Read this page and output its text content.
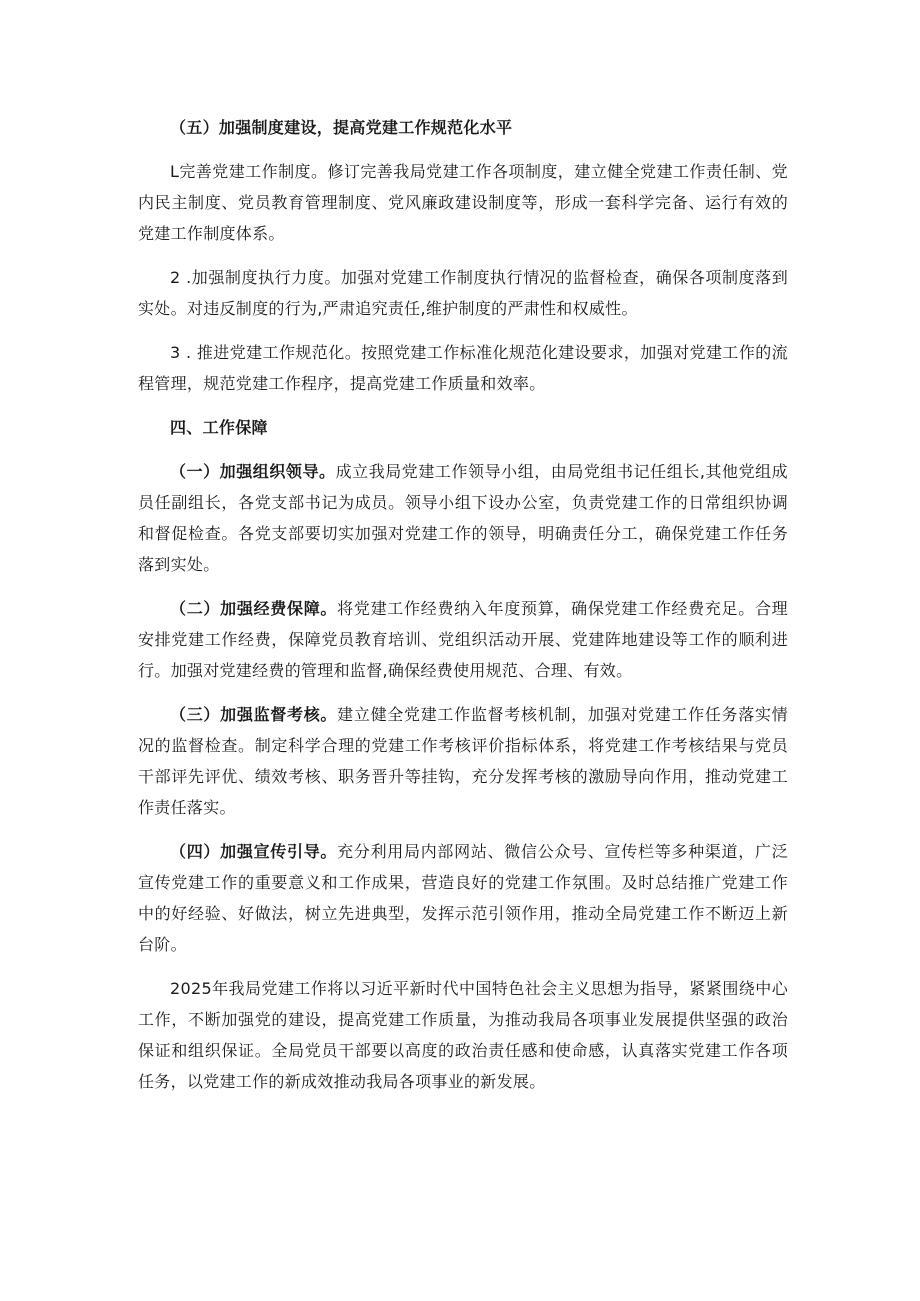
（五）加强制度建设，提高党建工作规范化水平

L完善党建工作制度。修订完善我局党建工作各项制度，建立健全党建工作责任制、党内民主制度、党员教育管理制度、党风廉政建设制度等，形成一套科学完备、运行有效的党建工作制度体系。

2 .加强制度执行力度。加强对党建工作制度执行情况的监督检查，确保各项制度落到实处。对违反制度的行为,严肃追究责任,维护制度的严肃性和权威性。

3 . 推进党建工作规范化。按照党建工作标准化规范化建设要求，加强对党建工作的流程管理，规范党建工作程序，提高党建工作质量和效率。

四、工作保障

（一）加强组织领导。成立我局党建工作领导小组，由局党组书记任组长,其他党组成员任副组长，各党支部书记为成员。领导小组下设办公室，负责党建工作的日常组织协调和督促检查。各党支部要切实加强对党建工作的领导，明确责任分工，确保党建工作任务落到实处。

（二）加强经费保障。将党建工作经费纳入年度预算，确保党建工作经费充足。合理安排党建工作经费，保障党员教育培训、党组织活动开展、党建阵地建设等工作的顺利进行。加强对党建经费的管理和监督,确保经费使用规范、合理、有效。

（三）加强监督考核。建立健全党建工作监督考核机制，加强对党建工作任务落实情况的监督检查。制定科学合理的党建工作考核评价指标体系，将党建工作考核结果与党员干部评先评优、绩效考核、职务晋升等挂钩，充分发挥考核的激励导向作用，推动党建工作责任落实。

（四）加强宣传引导。充分利用局内部网站、微信公众号、宣传栏等多种渠道，广泛宣传党建工作的重要意义和工作成果，营造良好的党建工作氛围。及时总结推广党建工作中的好经验、好做法，树立先进典型，发挥示范引领作用，推动全局党建工作不断迈上新台阶。

2025年我局党建工作将以习近平新时代中国特色社会主义思想为指导，紧紧围绕中心工作，不断加强党的建设，提高党建工作质量，为推动我局各项事业发展提供坚强的政治保证和组织保证。全局党员干部要以高度的政治责任感和使命感，认真落实党建工作各项任务，以党建工作的新成效推动我局各项事业的新发展。
